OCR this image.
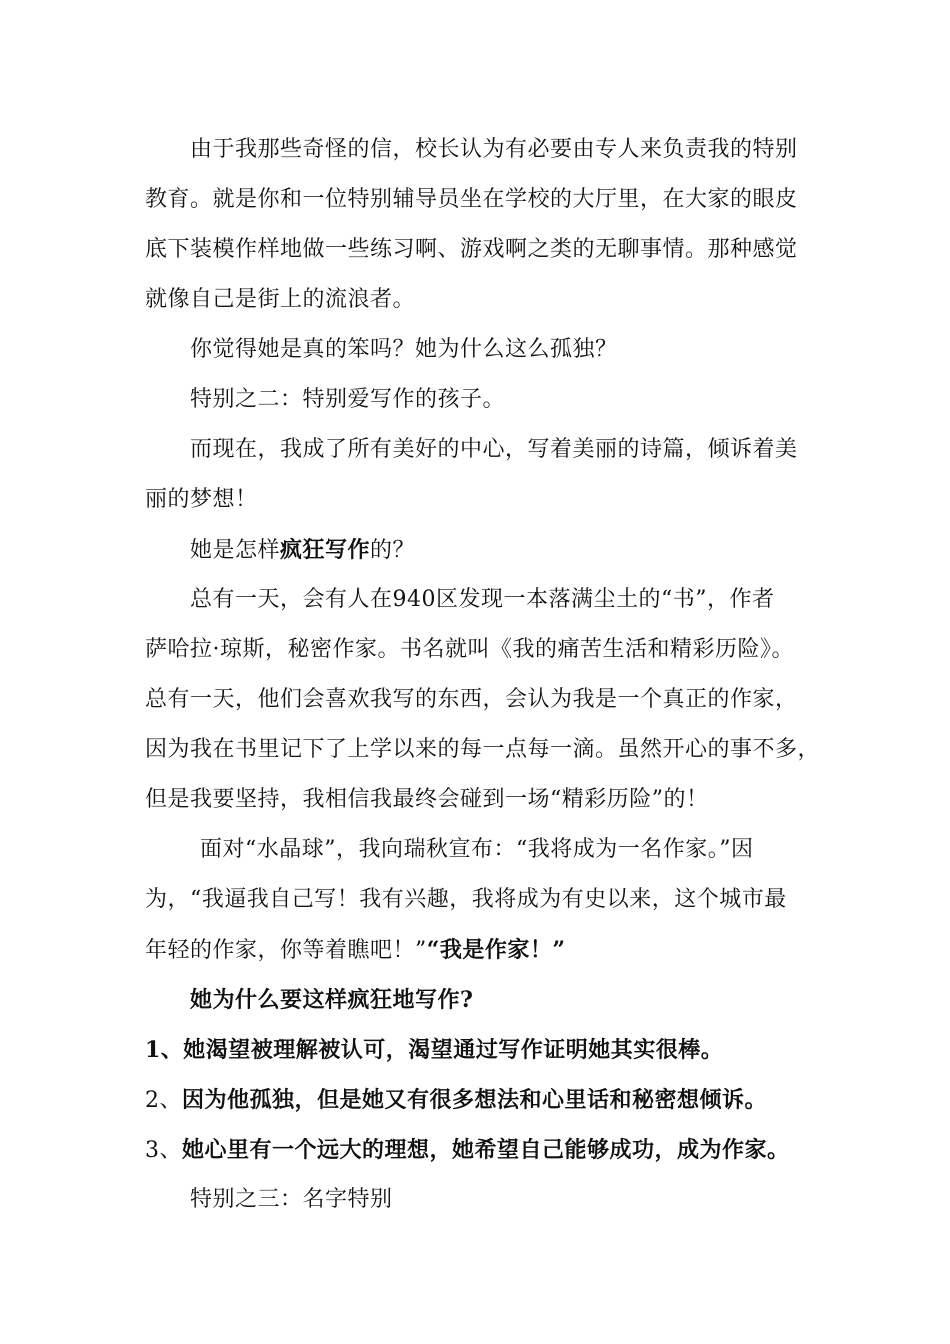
由于我那些奇怪的信，校长认为有必要由专人来负责我的特别
教育。就是你和一位特别辅导员坐在学校的大厅里，在大家的眼皮
底下装模作样地做一些练习啊、游戏啊之类的无聊事情。那种感觉
就像自己是街上的流浪者。
你觉得她是真的笨吗？她为什么这么孤独？
特别之二：特别爱写作的孩子。
而现在，我成了所有美好的中心，写着美丽的诗篇，倾诉着美
丽的梦想！
她是怎样疯狂写作的？
总有一天，会有人在940区发现一本落满尘土的“书”，作者
萨哈拉·琼斯，秘密作家。书名就叫《我的痛苦生活和精彩历险》。
总有一天，他们会喜欢我写的东西，会认为我是一个真正的作家，
因为我在书里记下了上学以来的每一点每一滴。虽然开心的事不多，
但是我要坚持，我相信我最终会碰到一场“精彩历险”的！
面对“水晶球”，我向瑞秋宣布：“我将成为一名作家。”因
为，“我逼我自己写！我有兴趣，我将成为有史以来，这个城市最
年轻的作家，你等着瞧吧！”“我是作家！”
她为什么要这样疯狂地写作?
1、她渴望被理解被认可，渴望通过写作证明她其实很棒。
2、因为他孤独，但是她又有很多想法和心里话和秘密想倾诉。
3、她心里有一个远大的理想，她希望自己能够成功，成为作家。
特别之三：名字特别
